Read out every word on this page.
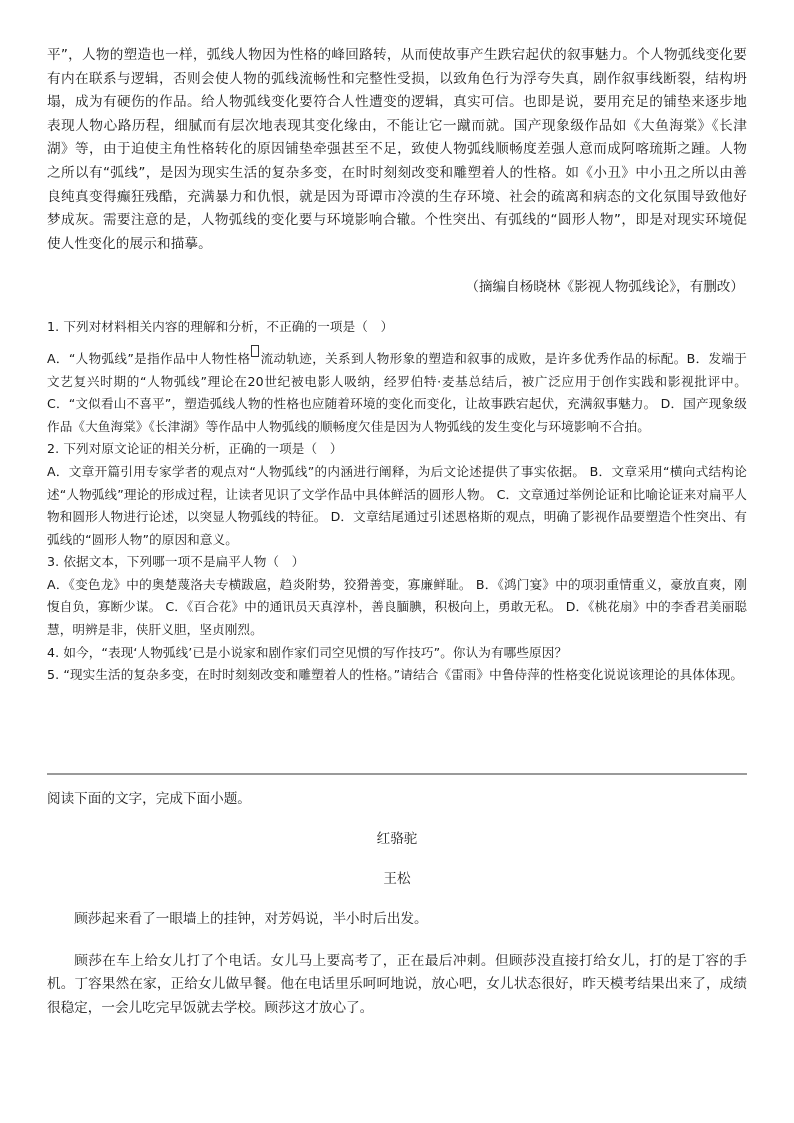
平”，人物的塑造也一样，弧线人物因为性格的峰回路转，从而使故事产生跌宕起伏的叙事魅力。个人物弧线变化要有内在联系与逻辑，否则会使人物的弧线流畅性和完整性受损，以致角色行为浮夸失真，剧作叙事线断裂，结构坍塌，成为有硬伤的作品。给人物弧线变化要符合人性遭变的逻辑，真实可信。也即是说，要用充足的铺垫来逐步地表现人物心路历程，细腻而有层次地表现其变化缘由，不能让它一蹴而就。国产现象级作品如《大鱼海棠》《长津湖》等，由于迫使主角性格转化的原因铺垫牵强甚至不足，致使人物弧线顺畅度差强人意而成阿喀琉斯之踵。人物之所以有“弧线”，是因为现实生活的复杂多变，在时时刻刻改变和雕塑着人的性格。如《小丑》中小丑之所以由善良纯真变得癫狂残酷，充满暴力和仇恨，就是因为哥谭市冷漠的生存环境、社会的疏离和病态的文化氛围导致他好梦成灰。需要注意的是，人物弧线的变化要与环境影响合辙。个性突出、有弧线的“圆形人物”，即是对现实环境促使人性变化的展示和描摹。

（摘编自杨晓林《影视人物弧线论》，有删改）

1. 下列对材料相关内容的理解和分析，不正确的一项是（　）

A．“人物弧线”是指作品中人物性格 流动轨迹，关系到人物形象的塑造和叙事的成败，是许多优秀作品的标配。B．发端于文艺复兴时期的“人物弧线”理论在20世纪被电影人吸纳，经罗伯特·麦基总结后，被广泛应用于创作实践和影视批评中。 C．“文似看山不喜平”，塑造弧线人物的性格也应随着环境的变化而变化，让故事跌宕起伏，充满叙事魅力。 D．国产现象级作品《大鱼海棠》《长津湖》等作品中人物弧线的顺畅度欠佳是因为人物弧线的发生变化与环境影响不合拍。

2. 下列对原文论证的相关分析，正确的一项是（　）

A．文章开篇引用专家学者的观点对“人物弧线”的内涵进行阐释，为后文论述提供了事实依据。 B．文章采用“横向式结构论述“人物弧线”理论的形成过程，让读者见识了文学作品中具体鲜活的圆形人物。 C．文章通过举例论证和比喻论证来对扁平人物和圆形人物进行论述，以突显人物弧线的特征。 D．文章结尾通过引述恩格斯的观点，明确了影视作品要塑造个性突出、有弧线的“圆形人物”的原因和意义。

3. 依据文本，下列哪一项不是扁平人物（　）

A．《变色龙》中的奥楚蔑洛夫专横跋扈，趋炎附势，狡猾善变，寡廉鲜耻。 B．《鸿门宴》中的项羽重情重义，豪放直爽，刚愎自负，寡断少谋。 C．《百合花》中的通讯员天真淳朴，善良腼腆，积极向上，勇敢无私。 D．《桃花扇》中的李香君美丽聪慧，明辨是非，侠肝义胆，坚贞刚烈。

4. 如今，“表现‘人物弧线’已是小说家和剧作家们司空见惯的写作技巧”。你认为有哪些原因？

5. “现实生活的复杂多变，在时时刻刻改变和雕塑着人的性格。”请结合《雷雨》中鲁侍萍的性格变化说说该理论的具体体现。

阅读下面的文字，完成下面小题。

红骆驼

王松

顾莎起来看了一眼墙上的挂钟，对芳妈说，半小时后出发。

顾莎在车上给女儿打了个电话。女儿马上要高考了，正在最后冲刺。但顾莎没直接打给女儿，打的是丁容的手机。丁容果然在家，正给女儿做早餐。他在电话里乐呵呵地说，放心吧，女儿状态很好，昨天模考结果出来了，成绩很稳定，一会儿吃完早饭就去学校。顾莎这才放心了。
